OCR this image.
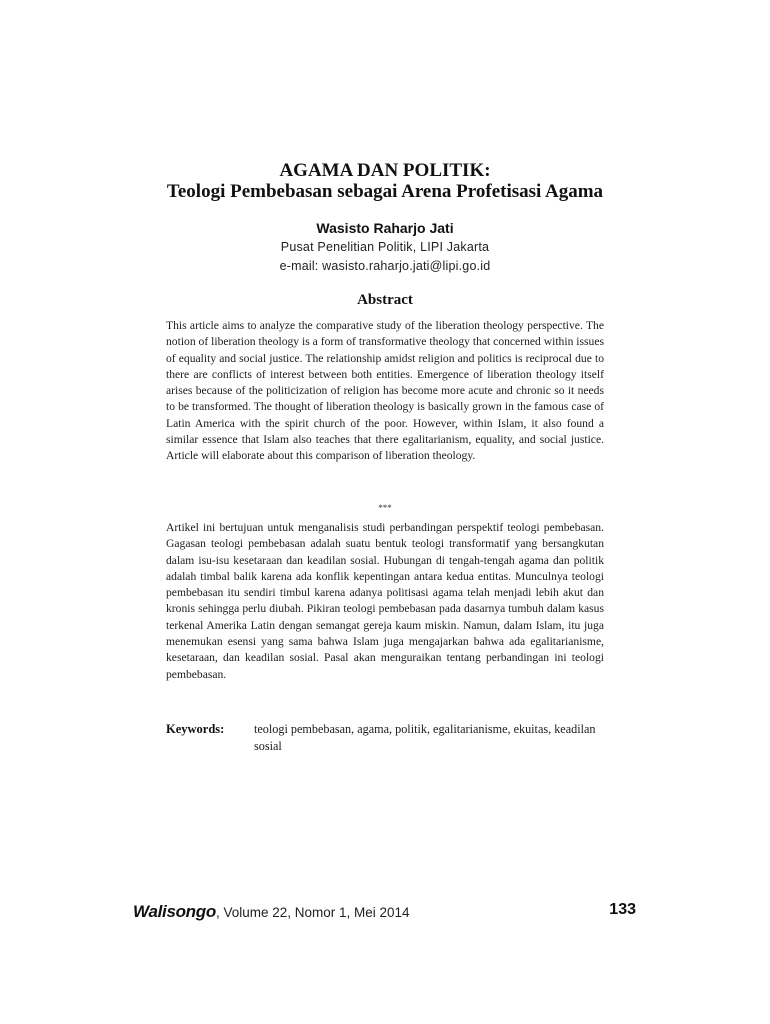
AGAMA DAN POLITIK:
Teologi Pembebasan sebagai Arena Profetisasi Agama
Wasisto Raharjo Jati
Pusat Penelitian Politik, LIPI Jakarta
e-mail: wasisto.raharjo.jati@lipi.go.id
Abstract
This article aims to analyze the comparative study of the liberation theology perspective. The notion of liberation theology is a form of transformative theology that concerned within issues of equality and social justice. The relationship amidst religion and politics is reciprocal due to there are conflicts of interest between both entities. Emergence of liberation theology itself arises because of the politicization of religion has become more acute and chronic so it needs to be transformed. The thought of liberation theology is basically grown in the famous case of Latin America with the spirit church of the poor. However, within Islam, it also found a similar essence that Islam also teaches that there egalitarianism, equality, and social justice. Article will elaborate about this comparison of liberation theology.
***
Artikel ini bertujuan untuk menganalisis studi perbandingan perspektif teologi pembebasan. Gagasan teologi pembebasan adalah suatu bentuk teologi transformatif yang bersangkutan dalam isu-isu kesetaraan dan keadilan sosial. Hubungan di tengah-tengah agama dan politik adalah timbal balik karena ada konflik kepentingan antara kedua entitas. Munculnya teologi pembebasan itu sendiri timbul karena adanya politisasi agama telah menjadi lebih akut dan kronis sehingga perlu diubah. Pikiran teologi pembebasan pada dasarnya tumbuh dalam kasus terkenal Amerika Latin dengan semangat gereja kaum miskin. Namun, dalam Islam, itu juga menemukan esensi yang sama bahwa Islam juga mengajarkan bahwa ada egalitarianisme, kesetaraan, dan keadilan sosial. Pasal akan menguraikan tentang perbandingan ini teologi pembebasan.
Keywords: teologi pembebasan, agama, politik, egalitarianisme, ekuitas, keadilan sosial
Walisongo, Volume 22, Nomor 1, Mei 2014	133
